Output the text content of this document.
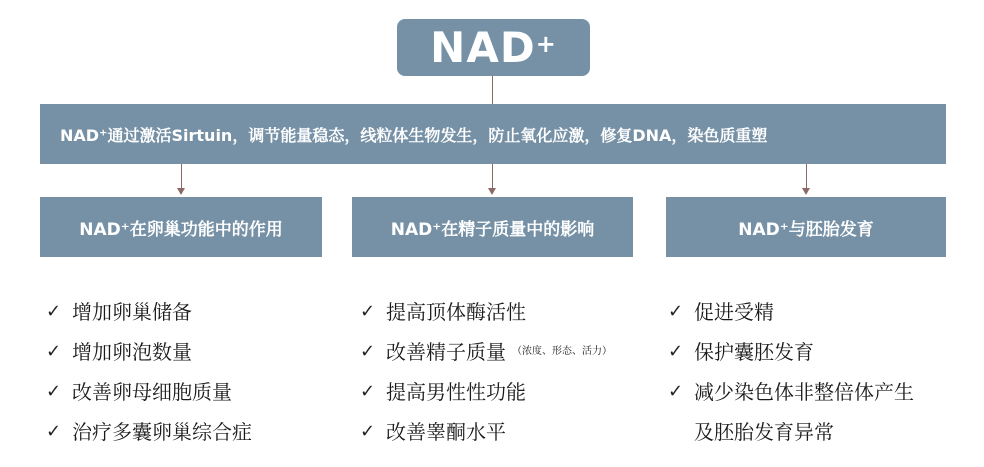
NAD+
NAD⁺通过激活Sirtuin，调节能量稳态，线粒体生物发生，防止氧化应激，修复DNA，染色质重塑
NAD⁺在卵巢功能中的作用	NAD⁺在精子质量中的影响	NAD⁺与胚胎发育
✓ 增加卵巢储备
✓ 增加卵泡数量
✓ 改善卵母细胞质量
✓ 治疗多囊卵巢综合症
✓ 提高顶体酶活性
✓ 改善精子质量 （浓度、形态、活力）
✓ 提高男性性功能
✓ 改善睾酮水平
✓ 促进受精
✓ 保护囊胚发育
✓ 减少染色体非整倍体产生
及胚胎发育异常
